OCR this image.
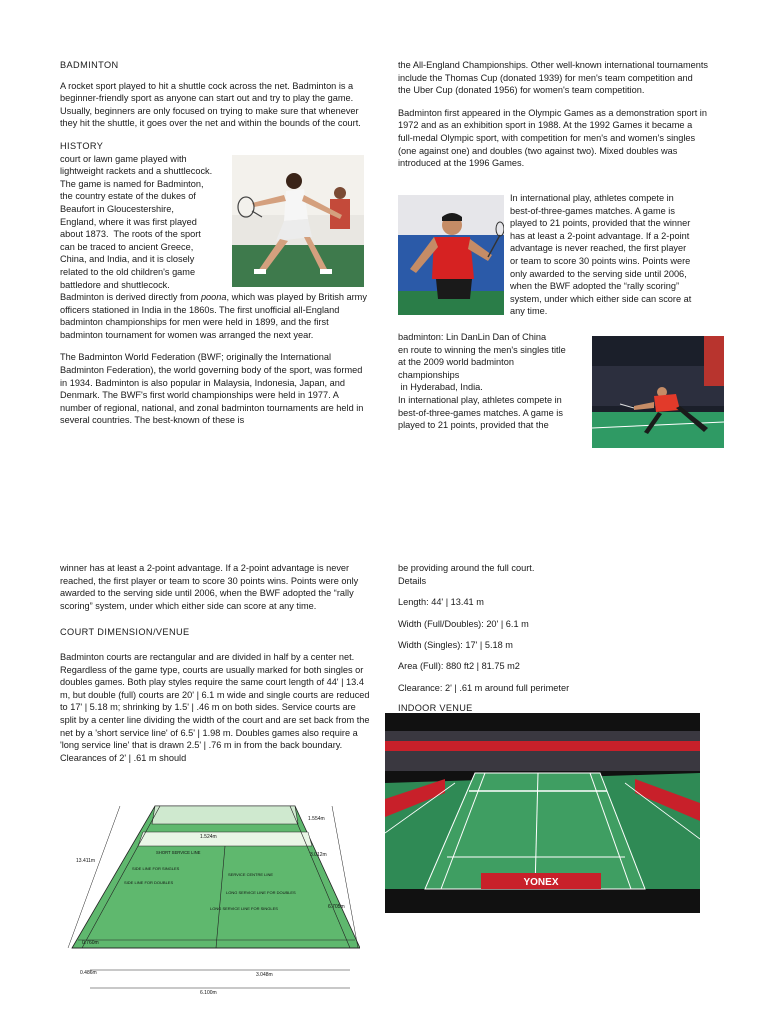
BADMINTON

A rocket sport played to hit a shuttle cock across the net. Badminton is a beginner-friendly sport as anyone can start out and try to play the game. Usually, beginners are only focused on trying to make sure that whenever they hit the shuttle, it goes over the net and within the bounds of the court.

HISTORY

court or lawn game played with
lightweight rackets and a shuttlecock.
The game is named for Badminton,
the country estate of the dukes of
Beaufort in Gloucestershire,
England, where it was first played
about 1873.  The roots of the sport
can be traced to ancient Greece,
China, and India, and it is closely
related to the old children's game
battledore and shuttlecock.

Badminton is derived directly from poona, which was played by British army officers stationed in India in the 1860s. The first unofficial all-England badminton championships for men were held in 1899, and the first badminton tournament for women was arranged the next year.

The Badminton World Federation (BWF; originally the International Badminton Federation), the world governing body of the sport, was formed in 1934. Badminton is also popular in Malaysia, Indonesia, Japan, and Denmark. The BWF's first world championships were held in 1977. A number of regional, national, and zonal badminton tournaments are held in several countries. The best-known of these is

the All-England Championships. Other well-known international tournaments include the Thomas Cup (donated 1939) for men's team competition and the Uber Cup (donated 1956) for women's team competition.

Badminton first appeared in the Olympic Games as a demonstration sport in 1972 and as an exhibition sport in 1988. At the 1992 Games it became a full-medal Olympic sport, with competition for men's and women's singles (one against one) and doubles (two against two). Mixed doubles was introduced at the 1996 Games.

In international play, athletes compete in
best-of-three-games matches. A game is
played to 21 points, provided that the winner
has at least a 2-point advantage. If a 2-point
advantage is never reached, the first player
or team to score 30 points wins. Points were
only awarded to the serving side until 2006,
when the BWF adopted the “rally scoring”
system, under which either side can score at
any time.
badminton: Lin DanLin Dan of China
en route to winning the men's singles title
at the 2009 world badminton
championships
in Hyderabad, India.
In international play, athletes compete in
best-of-three-games matches. A game is
played to 21 points, provided that the

winner has at least a 2-point advantage. If a 2-point advantage is never reached, the first player or team to score 30 points wins. Points were only awarded to the serving side until 2006, when the BWF adopted the “rally scoring” system, under which either side can score at any time.

COURT DIMENSION/VENUE

Badminton courts are rectangular and are divided in half by a center net. Regardless of the game type, courts are usually marked for both singles or doubles games. Both play styles require the same court length of 44' | 13.4 m, but double (full) courts are 20' | 6.1 m wide and single courts are reduced to 17' | 5.18 m; shrinking by 1.5' | .46 m on both sides. Service courts are split by a center line dividing the width of the court and are set back from the net by a 'short service line' of 6.5' | 1.98 m. Doubles games also require a 'long service line' that is drawn 2.5' | .76 m in from the back boundary. Clearances of 2' | .61 m should

1.524m
1.554m
13.411m
3.012m
SHORT SERVICE LINE
SIDE LINE FOR SINGLES
SIDE LINE FOR DOUBLES
SERVICE CENTRE LINE
LONG SERVICE LINE FOR DOUBLES
LONG SERVICE LINE FOR SINGLES	6.705m
0.760m
0.486m	3.048m
6.100m

be providing around the full court.

Details

Length: 44' | 13.41 m

Width (Full/Doubles): 20' | 6.1 m

Width (Singles): 17' | 5.18 m

Area (Full): 880 ft2 | 81.75 m2

Clearance: 2' | .61 m around full perimeter

INDOOR VENUE

YONEX
